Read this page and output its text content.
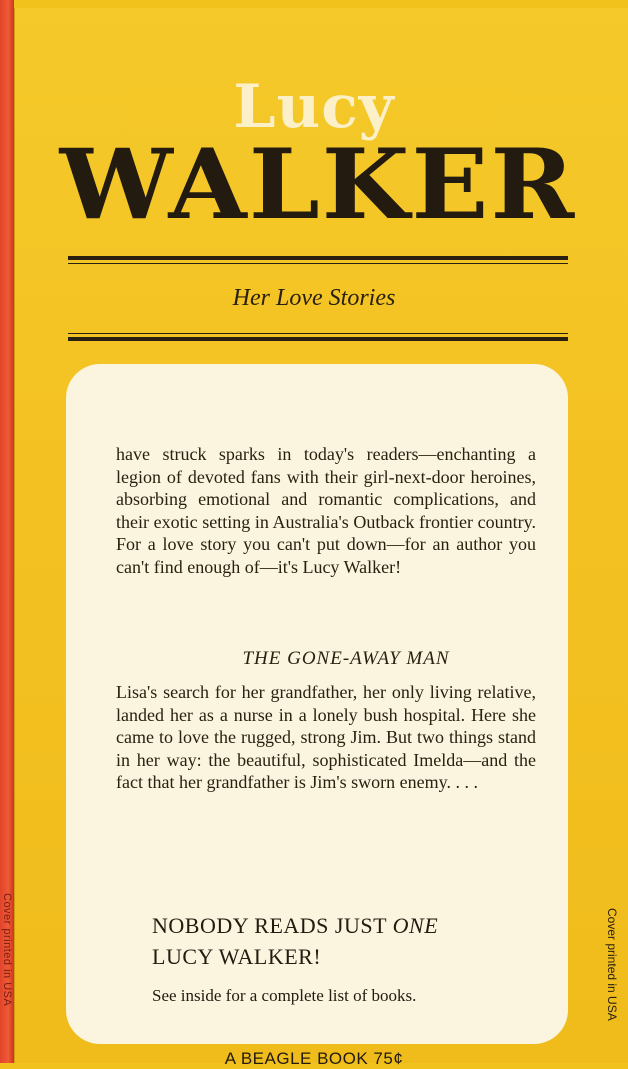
Cover printed in USA
Lucy
WALKER
Her Love Stories
have struck sparks in today's readers—enchanting a legion of devoted fans with their girl-next-door heroines, absorbing emotional and romantic complications, and their exotic setting in Australia's Outback frontier country. For a love story you can't put down—for an author you can't find enough of—it's Lucy Walker!
THE GONE-AWAY MAN
Lisa's search for her grandfather, her only living relative, landed her as a nurse in a lonely bush hospital. Here she came to love the rugged, strong Jim. But two things stand in her way: the beautiful, sophisticated Imelda—and the fact that her grandfather is Jim's sworn enemy. . . .
NOBODY READS JUST ONE
LUCY WALKER!
See inside for a complete list of books.	Cover printed in USA
A BEAGLE BOOK 75¢
